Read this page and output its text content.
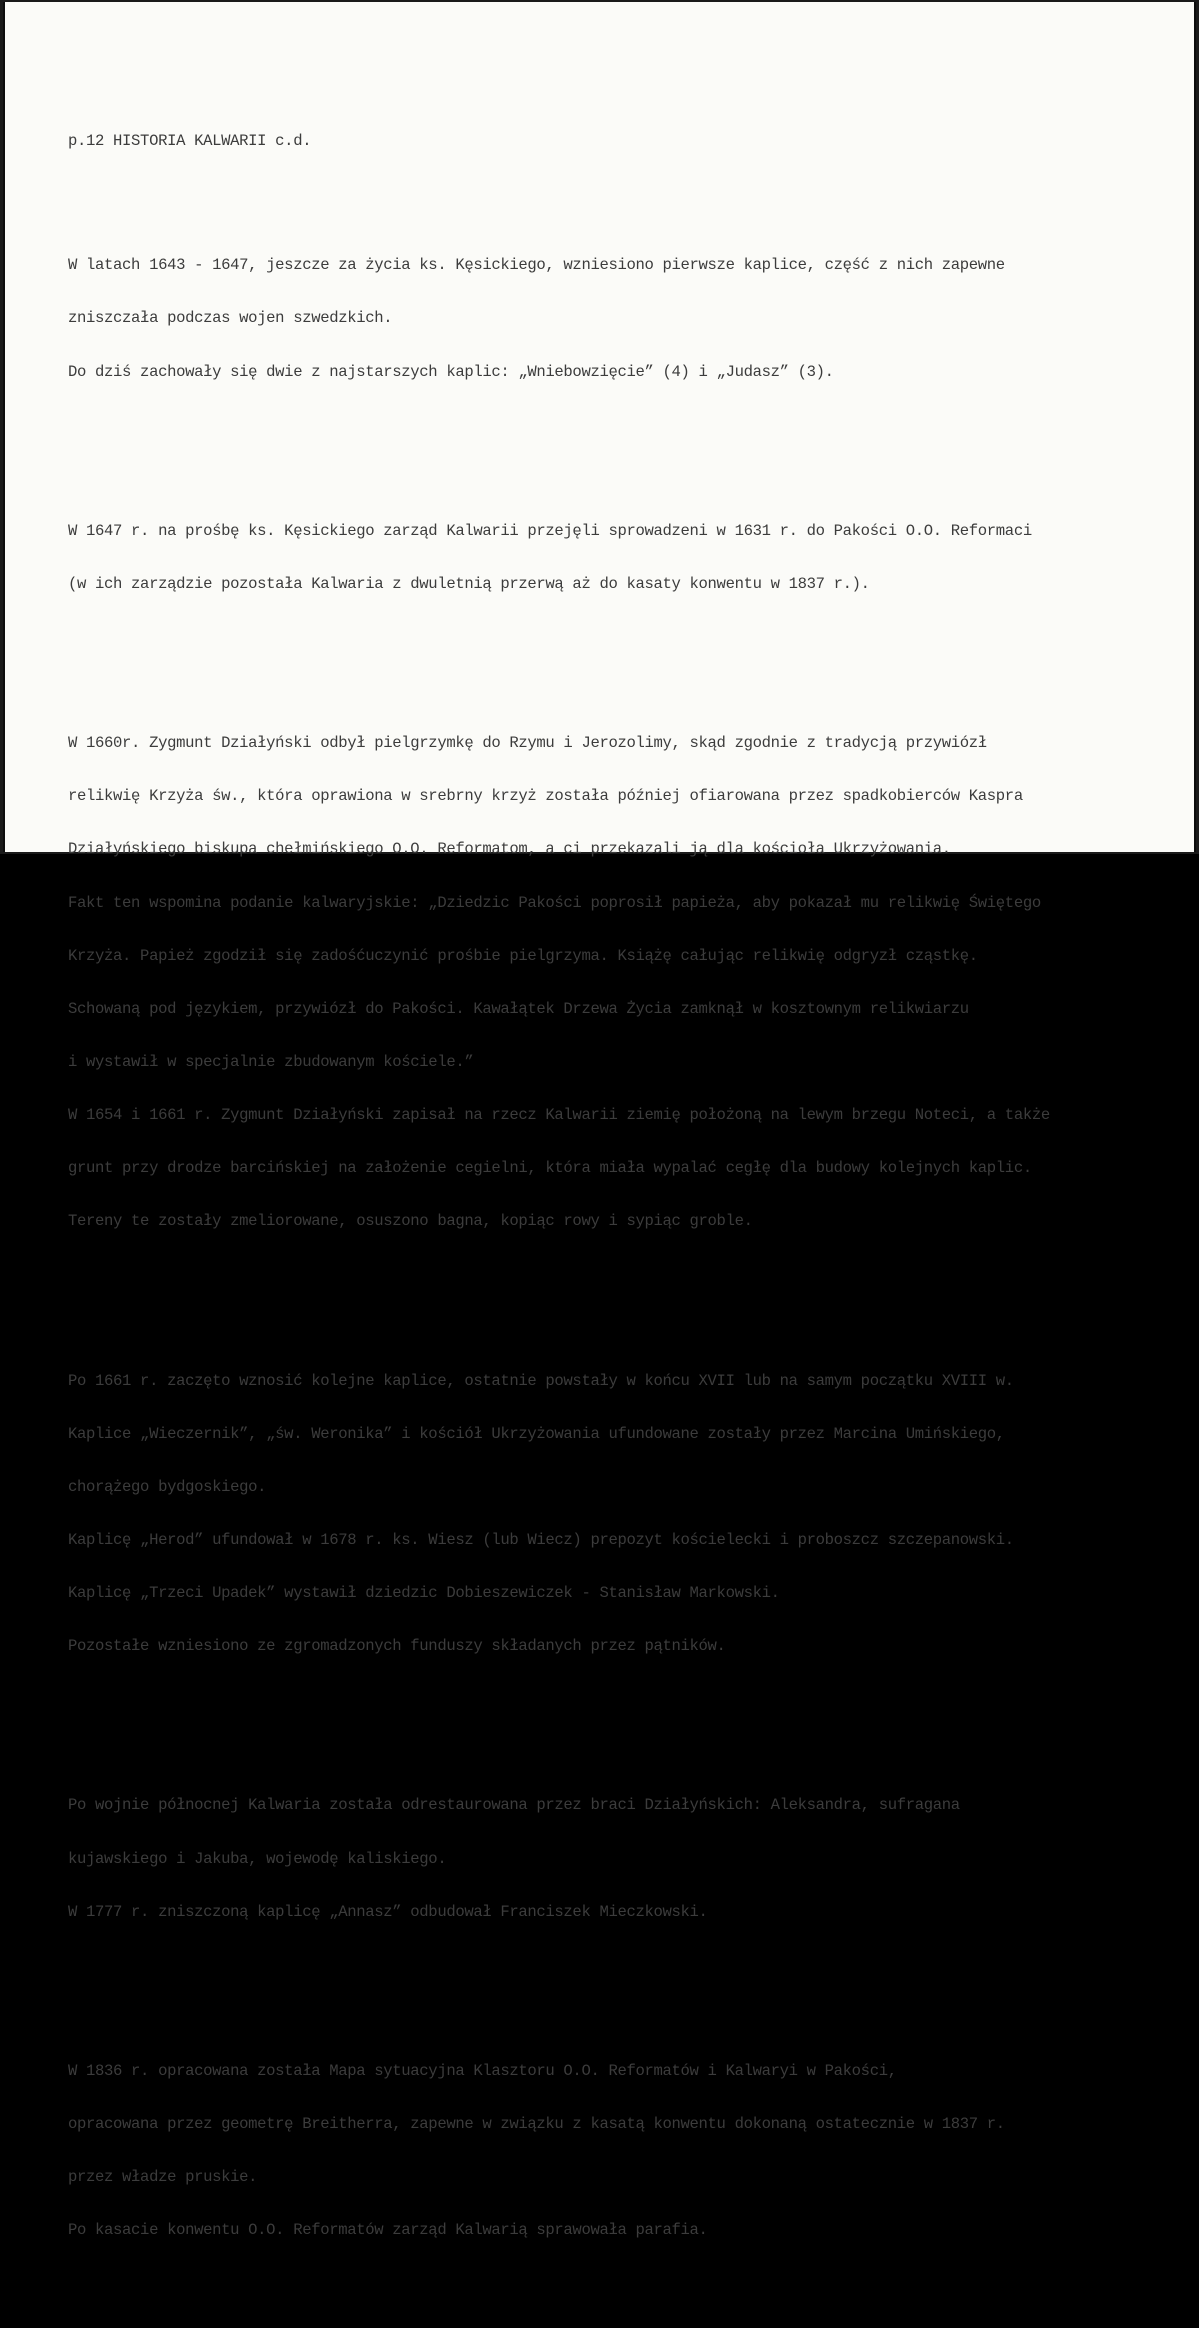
p.12 HISTORIA KALWARII c.d.

W latach 1643 - 1647, jeszcze za życia ks. Kęsickiego, wzniesiono pierwsze kaplice, część z nich zapewne

zniszczała podczas wojen szwedzkich.

Do dziś zachowały się dwie z najstarszych kaplic: „Wniebowzięcie” (4) i „Judasz” (3).

W 1647 r. na prośbę ks. Kęsickiego zarząd Kalwarii przejęli sprowadzeni w 1631 r. do Pakości O.O. Reformaci

(w ich zarządzie pozostała Kalwaria z dwuletnią przerwą aż do kasaty konwentu w 1837 r.).

W 1660r. Zygmunt Działyński odbył pielgrzymkę do Rzymu i Jerozolimy, skąd zgodnie z tradycją przywiózł

relikwię Krzyża św., która oprawiona w srebrny krzyż została później ofiarowana przez spadkobierców Kaspra

Działyńskiego biskupa chełmińskiego O.O. Reformatom, a ci przekazali ją dla kościoła Ukrzyżowania.

Fakt ten wspomina podanie kalwaryjskie: „Dziedzic Pakości poprosił papieża, aby pokazał mu relikwię Świętego

Krzyża. Papież zgodził się zadośćuczynić prośbie pielgrzyma. Książę całując relikwię odgryzł cząstkę.

Schowaną pod językiem, przywiózł do Pakości. Kawałątek Drzewa Życia zamknął w kosztownym relikwiarzu

i wystawił w specjalnie zbudowanym kościele.”

W 1654 i 1661 r. Zygmunt Działyński zapisał na rzecz Kalwarii ziemię położoną na lewym brzegu Noteci, a także

grunt przy drodze barcińskiej na założenie cegielni, która miała wypalać cegłę dla budowy kolejnych kaplic.

Tereny te zostały zmeliorowane, osuszono bagna, kopiąc rowy i sypiąc groble.

Po 1661 r. zaczęto wznosić kolejne kaplice, ostatnie powstały w końcu XVII lub na samym początku XVIII w.

Kaplice „Wieczernik”, „św. Weronika” i kościół Ukrzyżowania ufundowane zostały przez Marcina Umińskiego,

chorążego bydgoskiego.

Kaplicę „Herod” ufundował w 1678 r. ks. Wiesz (lub Wiecz) prepozyt kościelecki i proboszcz szczepanowski.

Kaplicę „Trzeci Upadek” wystawił dziedzic Dobieszewiczek - Stanisław Markowski.

Pozostałe wzniesiono ze zgromadzonych funduszy składanych przez pątników.

Po wojnie północnej Kalwaria została odrestaurowana przez braci Działyńskich: Aleksandra, sufragana

kujawskiego i Jakuba, wojewodę kaliskiego.

W 1777 r. zniszczoną kaplicę „Annasz” odbudował Franciszek Mieczkowski.

W 1836 r. opracowana została Mapa sytuacyjna Klasztoru O.O. Reformatów i Kalwaryi w Pakości,

opracowana przez geometrę Breitherra, zapewne w związku z kasatą konwentu dokonaną ostatecznie w 1837 r.

przez władze pruskie.

Po kasacie konwentu O.O. Reformatów zarząd Kalwarią sprawowała parafia.
